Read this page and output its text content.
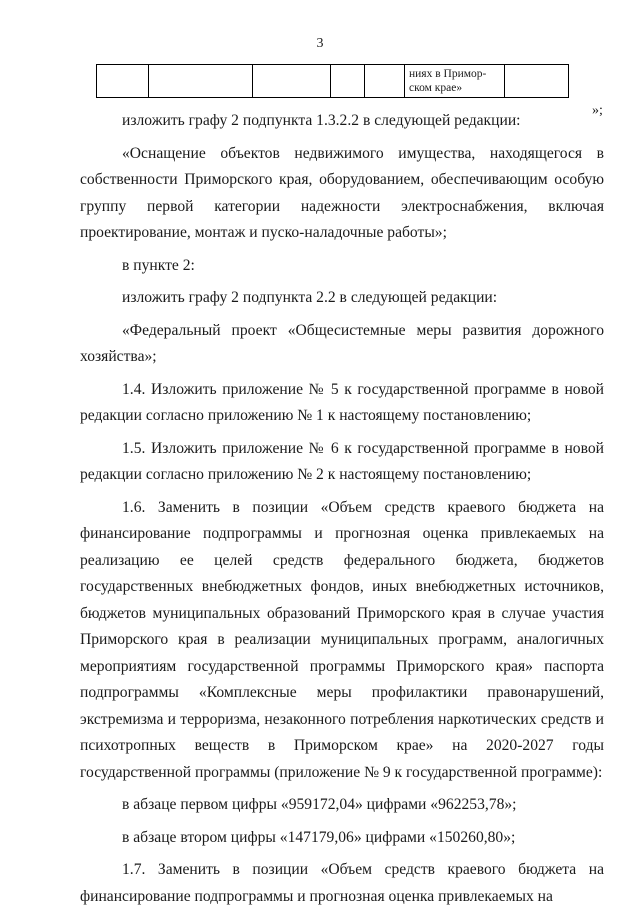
3

ниях в Примор-
ском крае»

»;

изложить графу 2 подпункта 1.3.2.2 в следующей редакции:

«Оснащение объектов недвижимого имущества, находящегося в собственности Приморского края, оборудованием, обеспечивающим особую группу первой категории надежности электроснабжения, включая проектирование, монтаж и пуско-наладочные работы»;

в пункте 2:

изложить графу 2 подпункта 2.2 в следующей редакции:

«Федеральный проект «Общесистемные меры развития дорожного хозяйства»;

1.4. Изложить приложение № 5 к государственной программе в новой редакции согласно приложению № 1 к настоящему постановлению;

1.5. Изложить приложение № 6 к государственной программе в новой редакции согласно приложению № 2 к настоящему постановлению;

1.6. Заменить в позиции «Объем средств краевого бюджета на финансирование подпрограммы и прогнозная оценка привлекаемых на реализацию ее целей средств федерального бюджета, бюджетов государственных внебюджетных фондов, иных внебюджетных источников, бюджетов муниципальных образований Приморского края в случае участия Приморского края в реализации муниципальных программ, аналогичных мероприятиям государственной программы Приморского края» паспорта подпрограммы «Комплексные меры профилактики правонарушений, экстремизма и терроризма, незаконного потребления наркотических средств и психотропных веществ в Приморском крае» на 2020-2027 годы государственной программы (приложение № 9 к государственной программе):

в абзаце первом цифры «959172,04» цифрами «962253,78»;

в абзаце втором цифры «147179,06» цифрами «150260,80»;

1.7. Заменить в позиции «Объем средств краевого бюджета на финансирование подпрограммы и прогнозная оценка привлекаемых на
